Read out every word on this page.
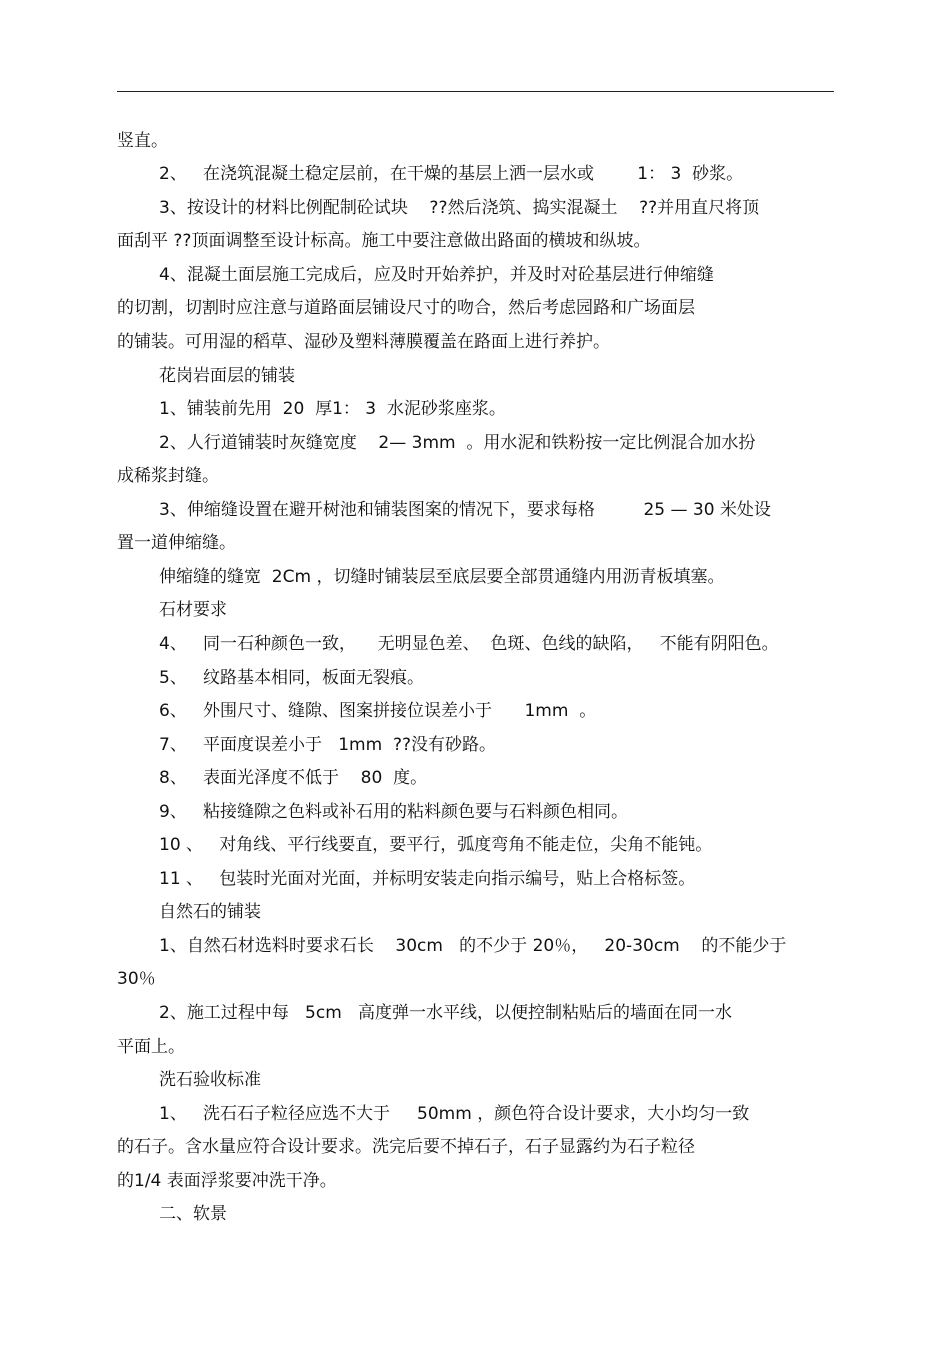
竖直。
2、   在浇筑混凝土稳定层前，在干燥的基层上洒一层水或        1： 3  砂浆。
3、按设计的材料比例配制砼试块    ??然后浇筑、捣实混凝土    ??并用直尺将顶
面刮平 ??顶面调整至设计标高。施工中要注意做出路面的横坡和纵坡。
4、混凝土面层施工完成后，应及时开始养护，并及时对砼基层进行伸缩缝
的切割，切割时应注意与道路面层铺设尺寸的吻合，然后考虑园路和广场面层
的铺装。可用湿的稻草、湿砂及塑料薄膜覆盖在路面上进行养护。
花岗岩面层的铺装
1、铺装前先用  20  厚1： 3  水泥砂浆座浆。
2、人行道铺装时灰缝宽度    2— 3mm  。用水泥和铁粉按一定比例混合加水扮
成稀浆封缝。
3、伸缩缝设置在避开树池和铺装图案的情况下，要求每格         25 — 30 米处设
置一道伸缩缝。
伸缩缝的缝宽  2Cm ，切缝时铺装层至底层要全部贯通缝内用沥青板填塞。
石材要求
4、   同一石种颜色一致，    无明显色差、  色斑、色线的缺陷，   不能有阴阳色。
5、   纹路基本相同，板面无裂痕。
6、   外围尺寸、缝隙、图案拼接位误差小于      1mm  。
7、   平面度误差小于   1mm  ??没有砂路。
8、   表面光泽度不低于    80  度。
9、   粘接缝隙之色料或补石用的粘料颜色要与石料颜色相同。
10 、   对角线、平行线要直，要平行，弧度弯角不能走位，尖角不能钝。
11 、   包装时光面对光面，并标明安装走向指示编号，贴上合格标签。
自然石的铺装
1、自然石材选料时要求石长    30cm   的不少于 20％，   20-30cm    的不能少于
30％
2、施工过程中每   5cm   高度弹一水平线，以便控制粘贴后的墙面在同一水
平面上。
洗石验收标准
1、   洗石石子粒径应选不大于     50mm ，颜色符合设计要求，大小均匀一致
的石子。含水量应符合设计要求。洗完后要不掉石子，石子显露约为石子粒径
的1/4 表面浮浆要冲洗干净。
二、软景
